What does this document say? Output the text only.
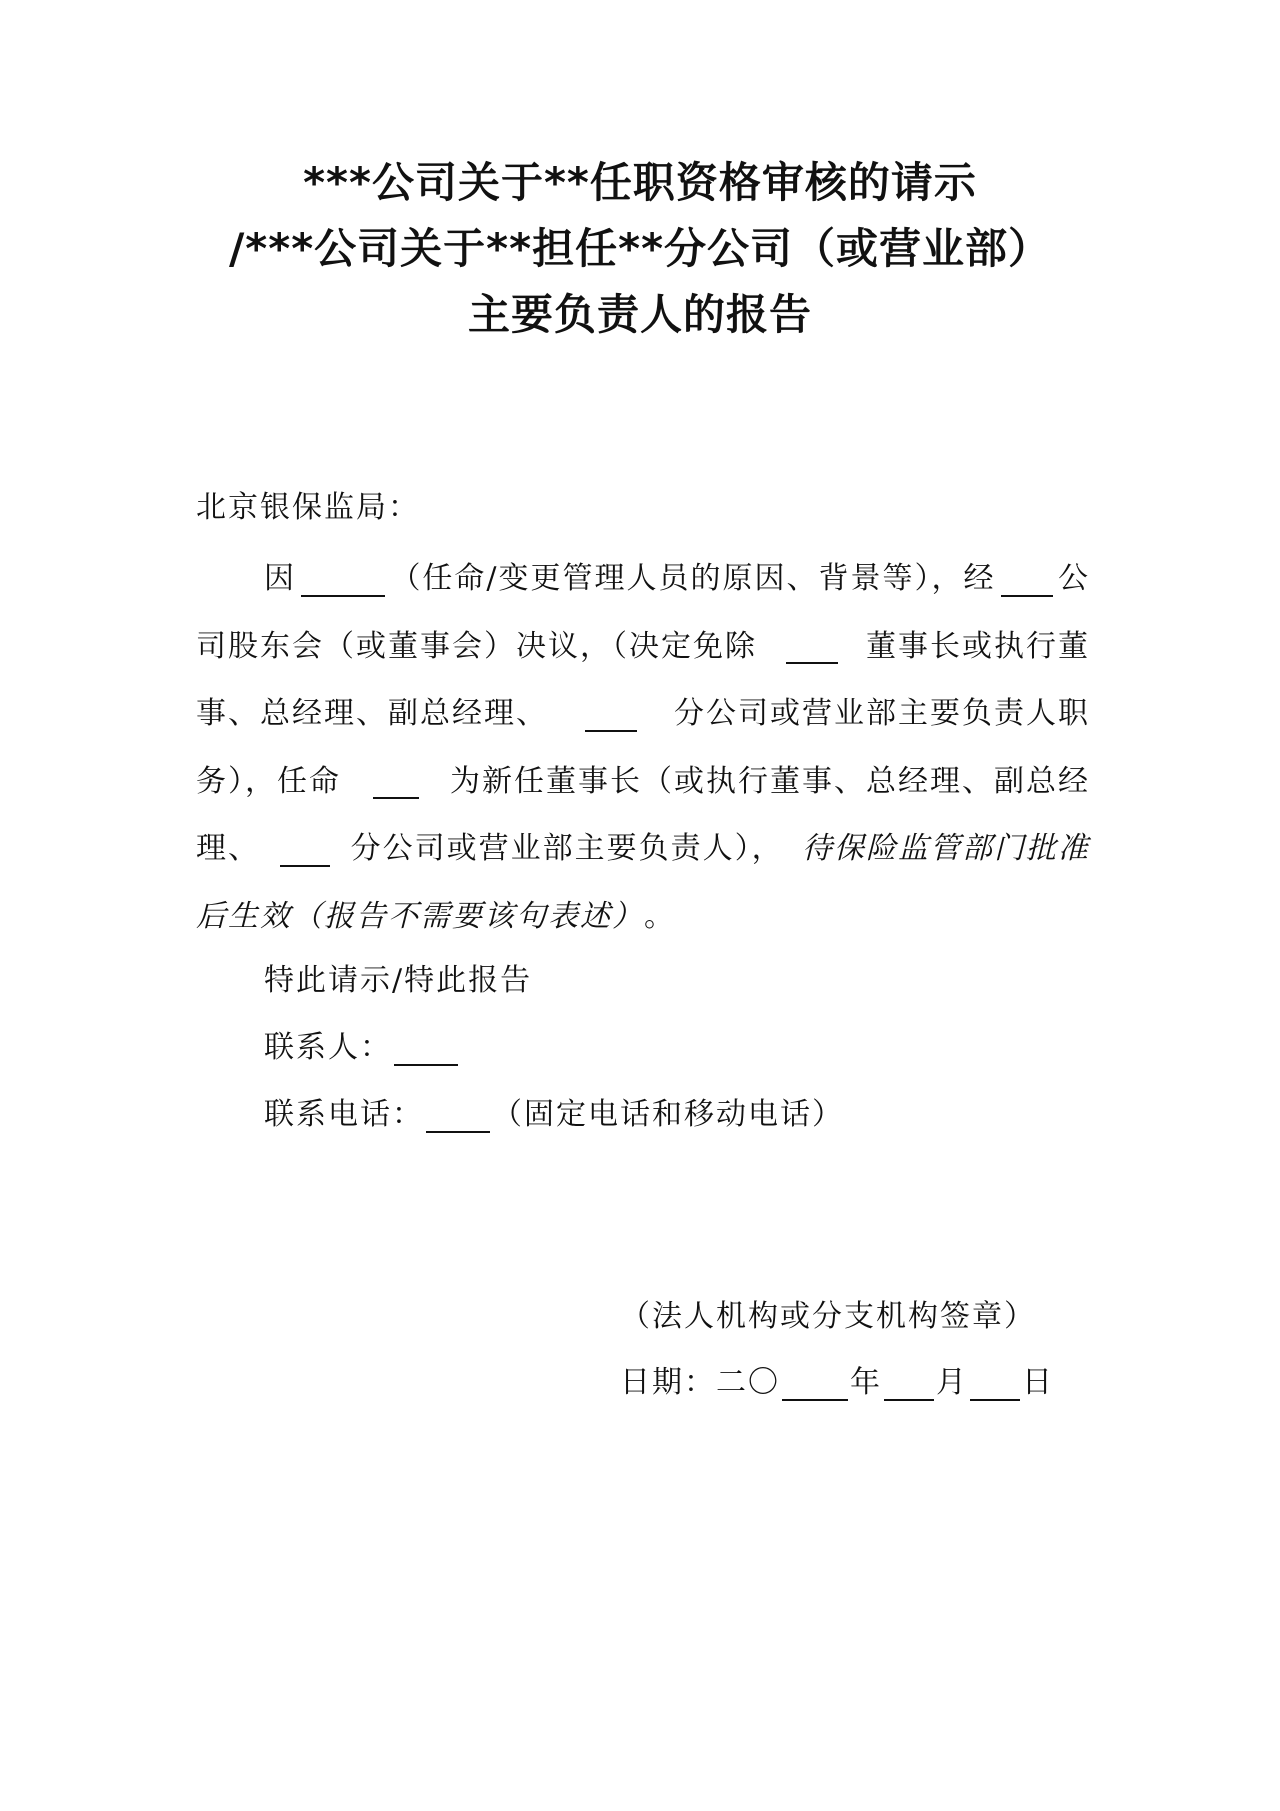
***公司关于**任职资格审核的请示
/***公司关于**担任**分公司（或营业部）
主要负责人的报告
北京银保监局：
因	（任命/变更管理人员的原因、背景等），经 公
司股东会（或董事会）决议，（决定免除	董事长或执行董
事、总经理、副总经理、	分公司或营业部主要负责人职
务），任命	为新任董事长（或执行董事、总经理、副总经
理、	分公司或营业部主要负责人）， 待保险监管部门批准
后生效（报告不需要该句表述） 。
特此请示/特此报告
联系人：
联系电话： （固定电话和移动电话）
（法人机构或分支机构签章）
日期：二〇 年 月 日
